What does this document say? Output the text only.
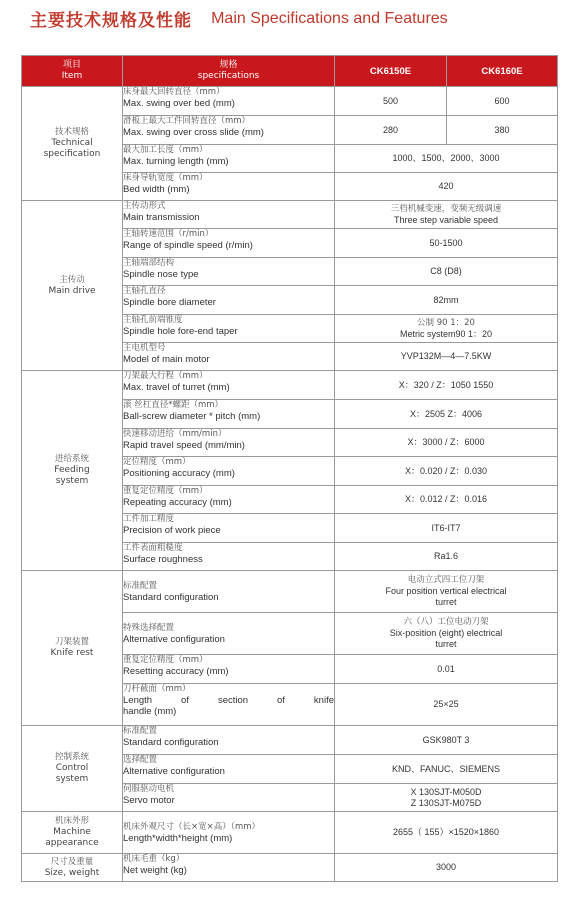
主要技术规格及性能 Main Specifications and Features
项目
Item	规格
specifications	CK6150E	CK6160E

技术规格
Technical
specification	床身最大回转直径（mm）
Max. swing over bed (mm)	500	600

	滑板上最大工件回转直径（mm）
Max. swing over cross slide (mm)	280	380

	最大加工长度（mm）
Max. turning length (mm)	1000、1500、2000、3000	

	床身导轨宽度（mm）
Bed width (mm)	420	

主传动
Main drive	主传动形式
Main transmission	三档机械变速，变频无级调速
Three step variable speed	

	主轴转速范围（r/min）
Range of spindle speed (r/min)	50-1500	

	主轴端部结构
Spindle nose type	C8 (D8)	

	主轴孔直径
Spindle bore diameter	82mm	

	主轴孔前端锥度
Spindle hole fore-end taper	公制 90 1：20
Metric system90 1：20	

	主电机型号
Model of main motor	YVP132M—4—7.5KW	

进给系统
Feeding
system	刀架最大行程（mm）
Max. travel of turret (mm)	X：320 / Z：1050 1550	

	滚 丝杠直径*螺距（mm）
Ball-screw diameter * pitch (mm)	X：2505 Z：4006	

	快速移动进给（mm/min）
Rapid travel speed (mm/min)	X：3000 / Z：6000	

	定位精度（mm）
Positioning accuracy (mm)	X：0.020 / Z：0.030	

	重复定位精度（mm）
Repeating accuracy (mm)	X：0.012 / Z：0.016	

	工件加工精度
Precision of work piece	IT6-IT7	

	工件表面粗糙度
Surface roughness	Ra1.6	

刀架装置
Knife rest	标准配置
Standard configuration	电动立式四工位刀架
Four position vertical electrical
turret	

	特殊选择配置
Alternative configuration	六（八）工位电动刀架
Six-position (eight) electrical
turret	

	重复定位精度（mm）
Resetting accuracy (mm)	0.01	

	刀杆截面（mm）
Length of section of knife
handle (mm)	25×25	

控制系统
Control
system	标准配置
Standard configuration	GSK980T 3	

	选择配置
Alternative configuration	KND、FANUC、SIEMENS	

	伺服驱动电机
Servo motor	X 130SJT-M050D
Z 130SJT-M075D	

机床外形
Machine
appearance	机床外观尺寸（长×宽×高）（mm）
Length*width*height (mm)	2655（ 155）×1520×1860	

尺寸及重量
Size, weight	机床毛重（kg）
Net weight (kg)	3000	
